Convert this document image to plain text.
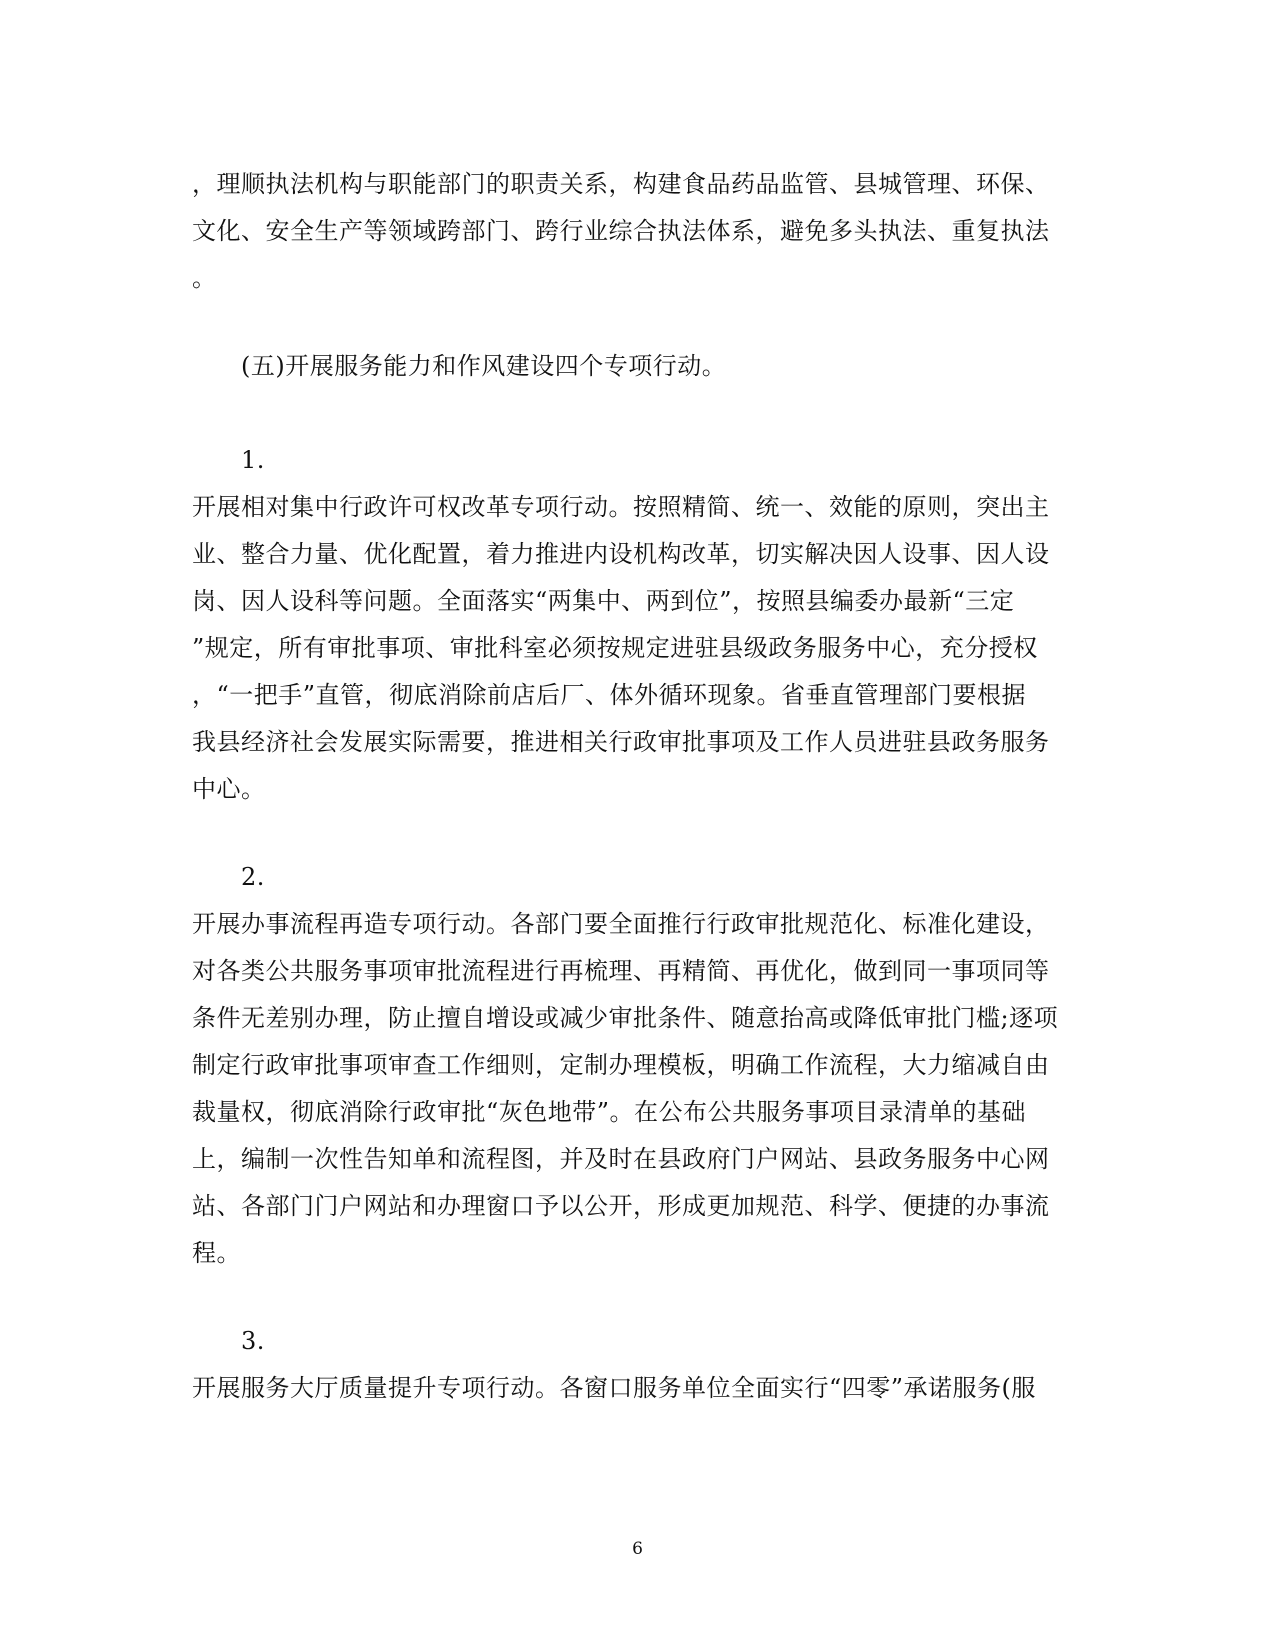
，理顺执法机构与职能部门的职责关系，构建食品药品监管、县城管理、环保、
文化、安全生产等领域跨部门、跨行业综合执法体系，避免多头执法、重复执法
。
(五)开展服务能力和作风建设四个专项行动。
1.
开展相对集中行政许可权改革专项行动。按照精简、统一、效能的原则，突出主
业、整合力量、优化配置，着力推进内设机构改革，切实解决因人设事、因人设
岗、因人设科等问题。全面落实“两集中、两到位”，按照县编委办最新“三定
”规定，所有审批事项、审批科室必须按规定进驻县级政务服务中心，充分授权
，“一把手”直管，彻底消除前店后厂、体外循环现象。省垂直管理部门要根据
我县经济社会发展实际需要，推进相关行政审批事项及工作人员进驻县政务服务
中心。
2.
开展办事流程再造专项行动。各部门要全面推行行政审批规范化、标准化建设，
对各类公共服务事项审批流程进行再梳理、再精简、再优化，做到同一事项同等
条件无差别办理，防止擅自增设或减少审批条件、随意抬高或降低审批门槛;逐项
制定行政审批事项审查工作细则，定制办理模板，明确工作流程，大力缩减自由
裁量权，彻底消除行政审批“灰色地带”。在公布公共服务事项目录清单的基础
上，编制一次性告知单和流程图，并及时在县政府门户网站、县政务服务中心网
站、各部门门户网站和办理窗口予以公开，形成更加规范、科学、便捷的办事流
程。
3.
开展服务大厅质量提升专项行动。各窗口服务单位全面实行“四零”承诺服务(服
6
